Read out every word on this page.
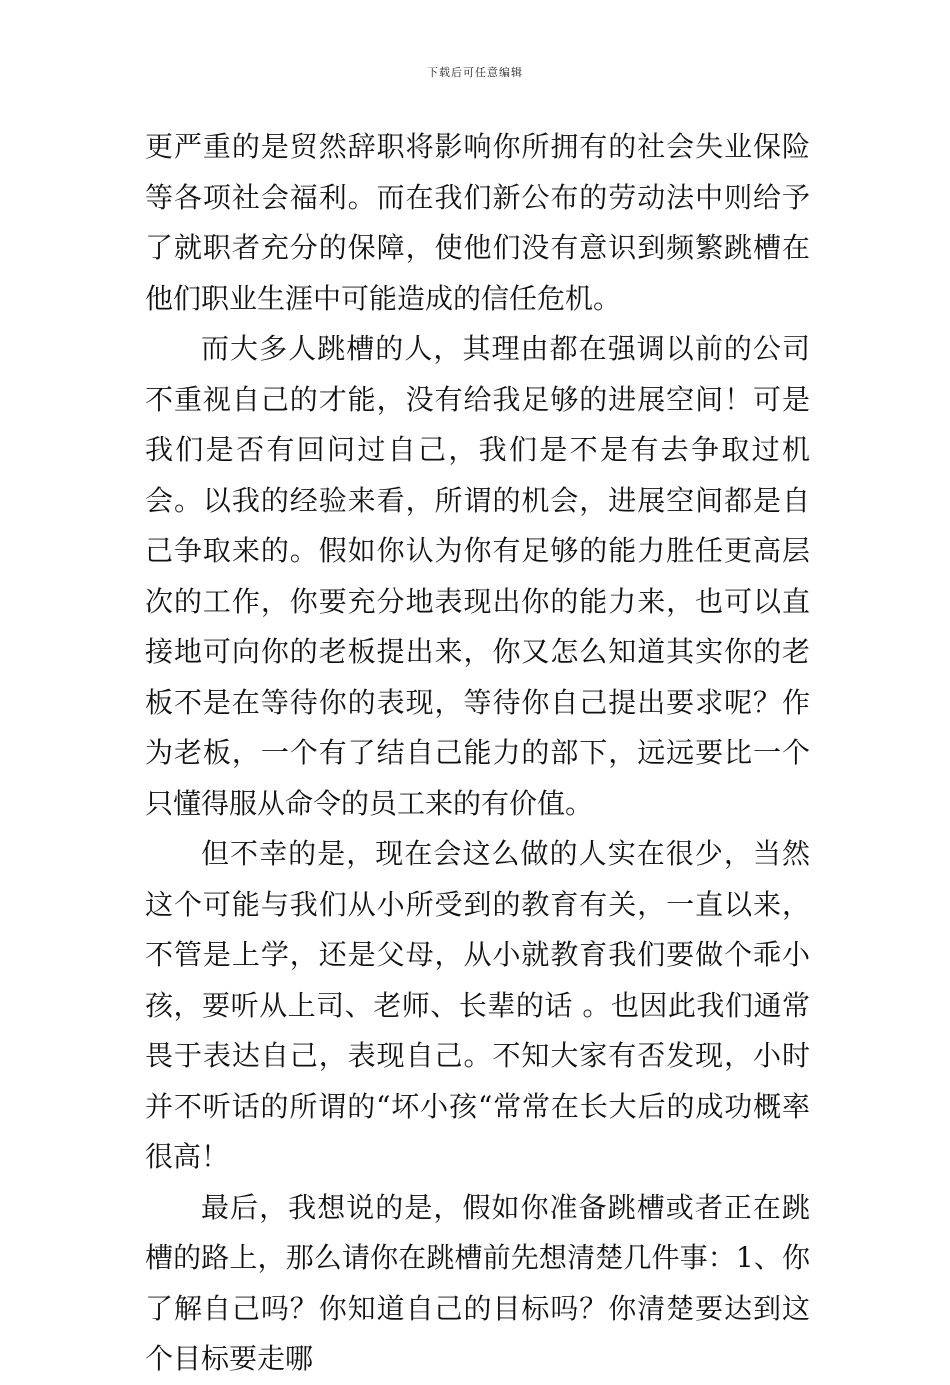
下载后可任意编辑

更严重的是贸然辞职将影响你所拥有的社会失业保险等各项社会福利。而在我们新公布的劳动法中则给予了就职者充分的保障，使他们没有意识到频繁跳槽在他们职业生涯中可能造成的信任危机。

而大多人跳槽的人，其理由都在强调以前的公司不重视自己的才能，没有给我足够的进展空间！可是我们是否有回问过自己，我们是不是有去争取过机会。以我的经验来看，所谓的机会，进展空间都是自己争取来的。假如你认为你有足够的能力胜任更高层次的工作，你要充分地表现出你的能力来，也可以直接地可向你的老板提出来，你又怎么知道其实你的老板不是在等待你的表现，等待你自己提出要求呢？作为老板，一个有了结自己能力的部下，远远要比一个只懂得服从命令的员工来的有价值。

但不幸的是，现在会这么做的人实在很少，当然这个可能与我们从小所受到的教育有关，一直以来，不管是上学，还是父母，从小就教育我们要做个乖小孩，要听从上司、老师、长辈的话 。也因此我们通常畏于表达自己，表现自己。不知大家有否发现，小时并不听话的所谓的“坏小孩“常常在长大后的成功概率很高！

最后，我想说的是，假如你准备跳槽或者正在跳槽的路上，那么请你在跳槽前先想清楚几件事：1、你了解自己吗？你知道自己的目标吗？你清楚要达到这个目标要走哪
